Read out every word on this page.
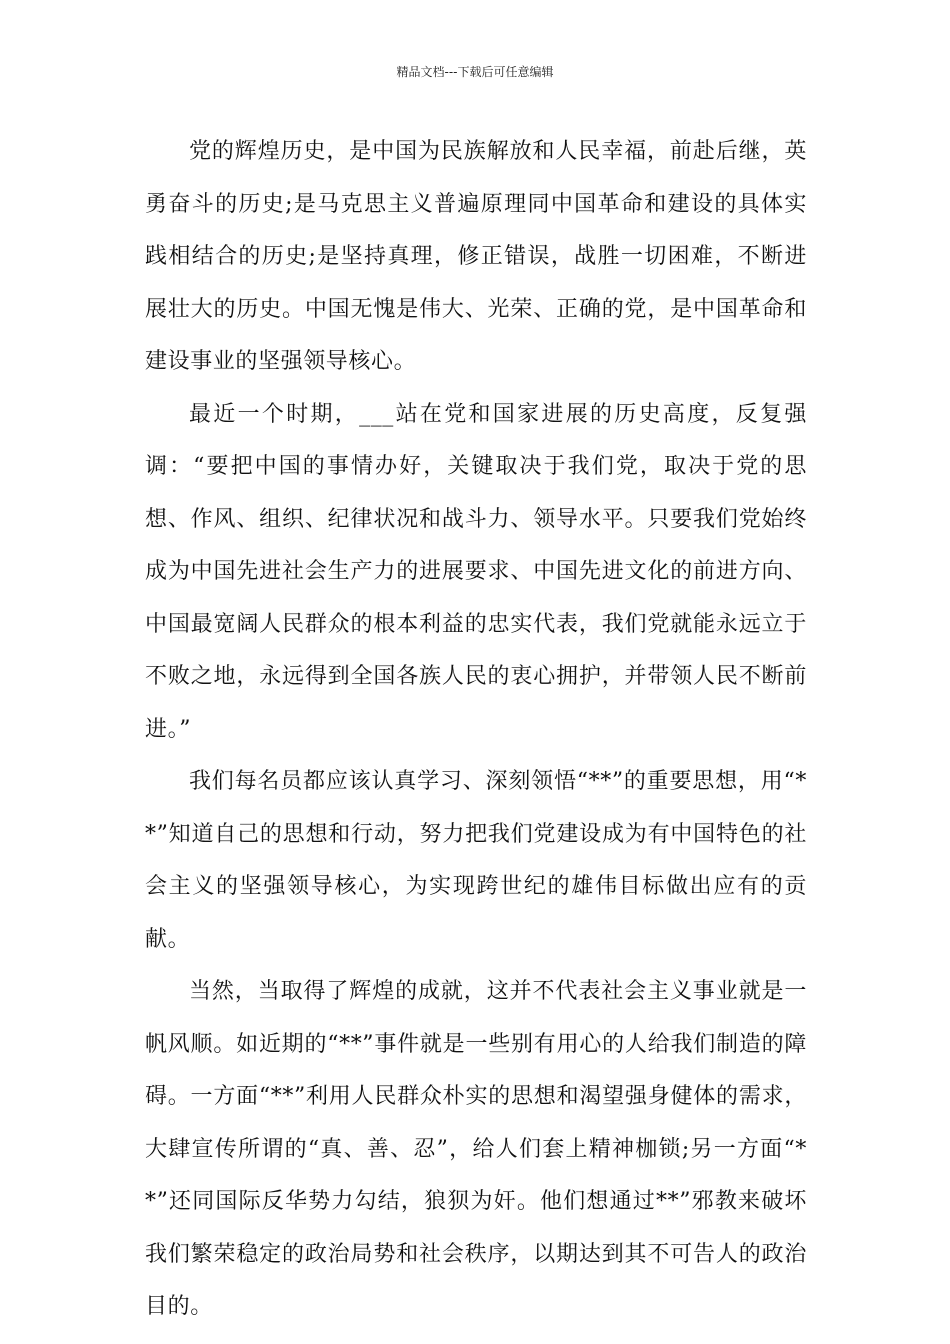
精品文档---下载后可任意编辑

党的辉煌历史，是中国为民族解放和人民幸福，前赴后继，英勇奋斗的历史;是马克思主义普遍原理同中国革命和建设的具体实践相结合的历史;是坚持真理，修正错误，战胜一切困难，不断进展壮大的历史。中国无愧是伟大、光荣、正确的党，是中国革命和建设事业的坚强领导核心。

最近一个时期，___站在党和国家进展的历史高度，反复强调：“要把中国的事情办好，关键取决于我们党，取决于党的思想、作风、组织、纪律状况和战斗力、领导水平。只要我们党始终成为中国先进社会生产力的进展要求、中国先进文化的前进方向、中国最宽阔人民群众的根本利益的忠实代表，我们党就能永远立于不败之地，永远得到全国各族人民的衷心拥护，并带领人民不断前进。”

我们每名员都应该认真学习、深刻领悟“**”的重要思想，用“**”知道自己的思想和行动，努力把我们党建设成为有中国特色的社会主义的坚强领导核心，为实现跨世纪的雄伟目标做出应有的贡献。

当然，当取得了辉煌的成就，这并不代表社会主义事业就是一帆风顺。如近期的“**”事件就是一些别有用心的人给我们制造的障碍。一方面“**”利用人民群众朴实的思想和渴望强身健体的需求，大肆宣传所谓的“真、善、忍”，给人们套上精神枷锁;另一方面“**”还同国际反华势力勾结，狼狈为奸。他们想通过**”邪教来破坏我们繁荣稳定的政治局势和社会秩序，以期达到其不可告人的政治目的。
